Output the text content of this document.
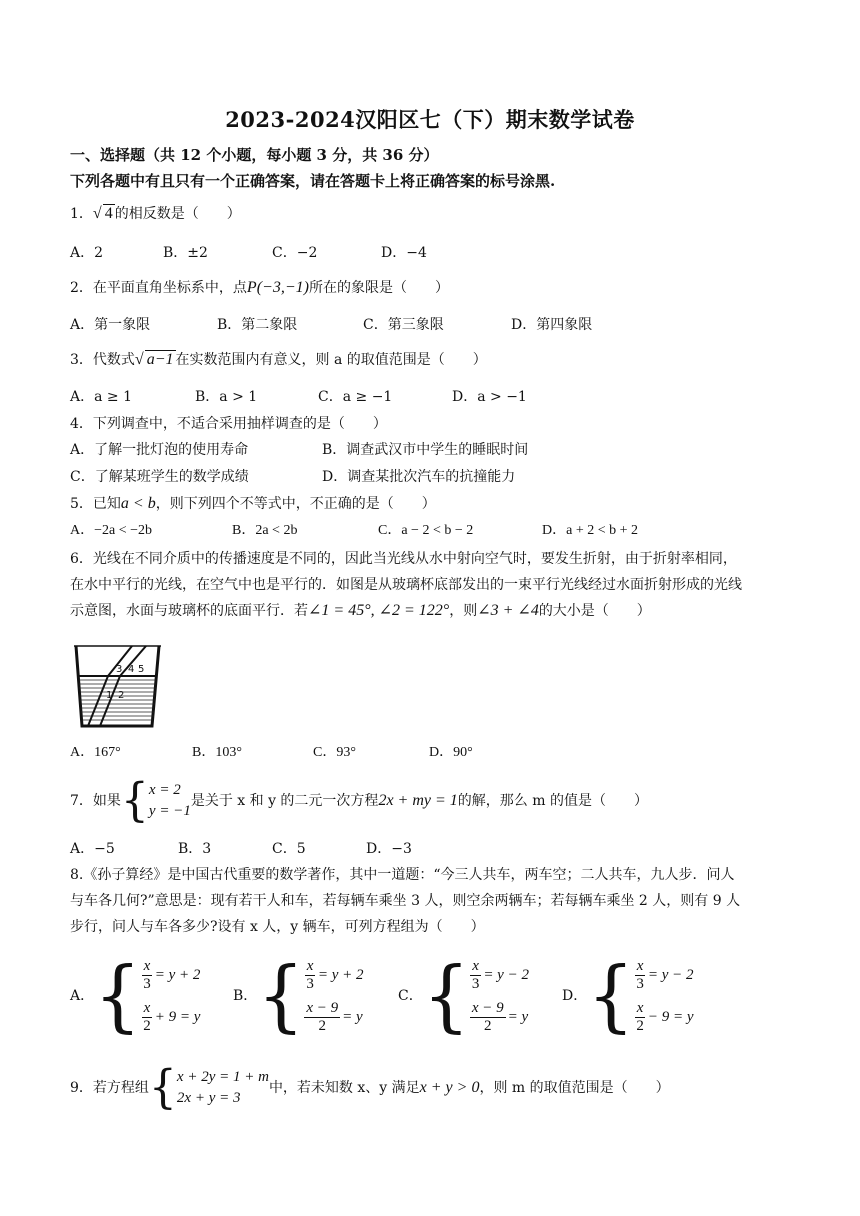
2023-2024汉阳区七（下）期末数学试卷
一、选择题（共 12 个小题，每小题 3 分，共 36 分）
下列各题中有且只有一个正确答案，请在答题卡上将正确答案的标号涂黑.
1．√ 4 的相反数是（　　）
A．2	B．±2	C．−2	D．−4
2．在平面直角坐标系中，点P(−3,−1)所在的象限是（　　）
A．第一象限	B．第二象限	C．第三象限	D．第四象限
3．代数式√ a−1 在实数范围内有意义，则 a 的取值范围是（　　）
A．a ≥ 1	B．a > 1	C．a ≥ −1	D．a > −1
4．下列调查中，不适合采用抽样调查的是（　　）
A．了解一批灯泡的使用寿命	B．调查武汉市中学生的睡眠时间
C．了解某班学生的数学成绩	D．调查某批次汽车的抗撞能力
5．已知a < b，则下列四个不等式中，不正确的是（　　）
A．−2a < −2b	B．2a < 2b	C．a − 2 < b − 2	D．a + 2 < b + 2
6．光线在不同介质中的传播速度是不同的，因此当光线从水中射向空气时，要发生折射，由于折射率相同，
在水中平行的光线，在空气中也是平行的．如图是从玻璃杯底部发出的一束平行光线经过水面折射形成的光线
示意图，水面与玻璃杯的底面平行．若∠1 = 45°, ∠2 = 122°，则∠3 + ∠4的大小是（　　）
3 4 5
1 2
A．167°	B．103°	C．93°	D．90°
7．如果 { x = 2
y = −1
是关于 x 和 y 的二元一次方程 2x + my = 1 的解，那么 m 的值是（　　）
A．−5	B．3	C．5	D．−3
8.《孙子算经》是中国古代重要的数学著作，其中一道题：“今三人共车，两车空；二人共车，九人步．问人
与车各几何?”意思是：现有若干人和车，若每辆车乘坐 3 人，则空余两辆车；若每辆车乘坐 2 人，则有 9 人
步行，问人与车各多少?设有 x 人，y 辆车，可列方程组为（　　）
A． { $\frac{x}{3} = y + 2$
$\frac{x}{2} + 9 = y$
B． { $\frac{x}{3} = y + 2$
$\frac{x - 9}{2} = y$
C． { $\frac{x}{3} = y - 2$
$\frac{x - 9}{2} = y$
D． { $\frac{x}{3} = y - 2$
$\frac{x}{2} - 9 = y$
9．若方程组 { x + 2y = 1 + m
2x + y = 3
中，若未知数 x、y 满足 x + y > 0 ，则 m 的取值范围是（　　）
